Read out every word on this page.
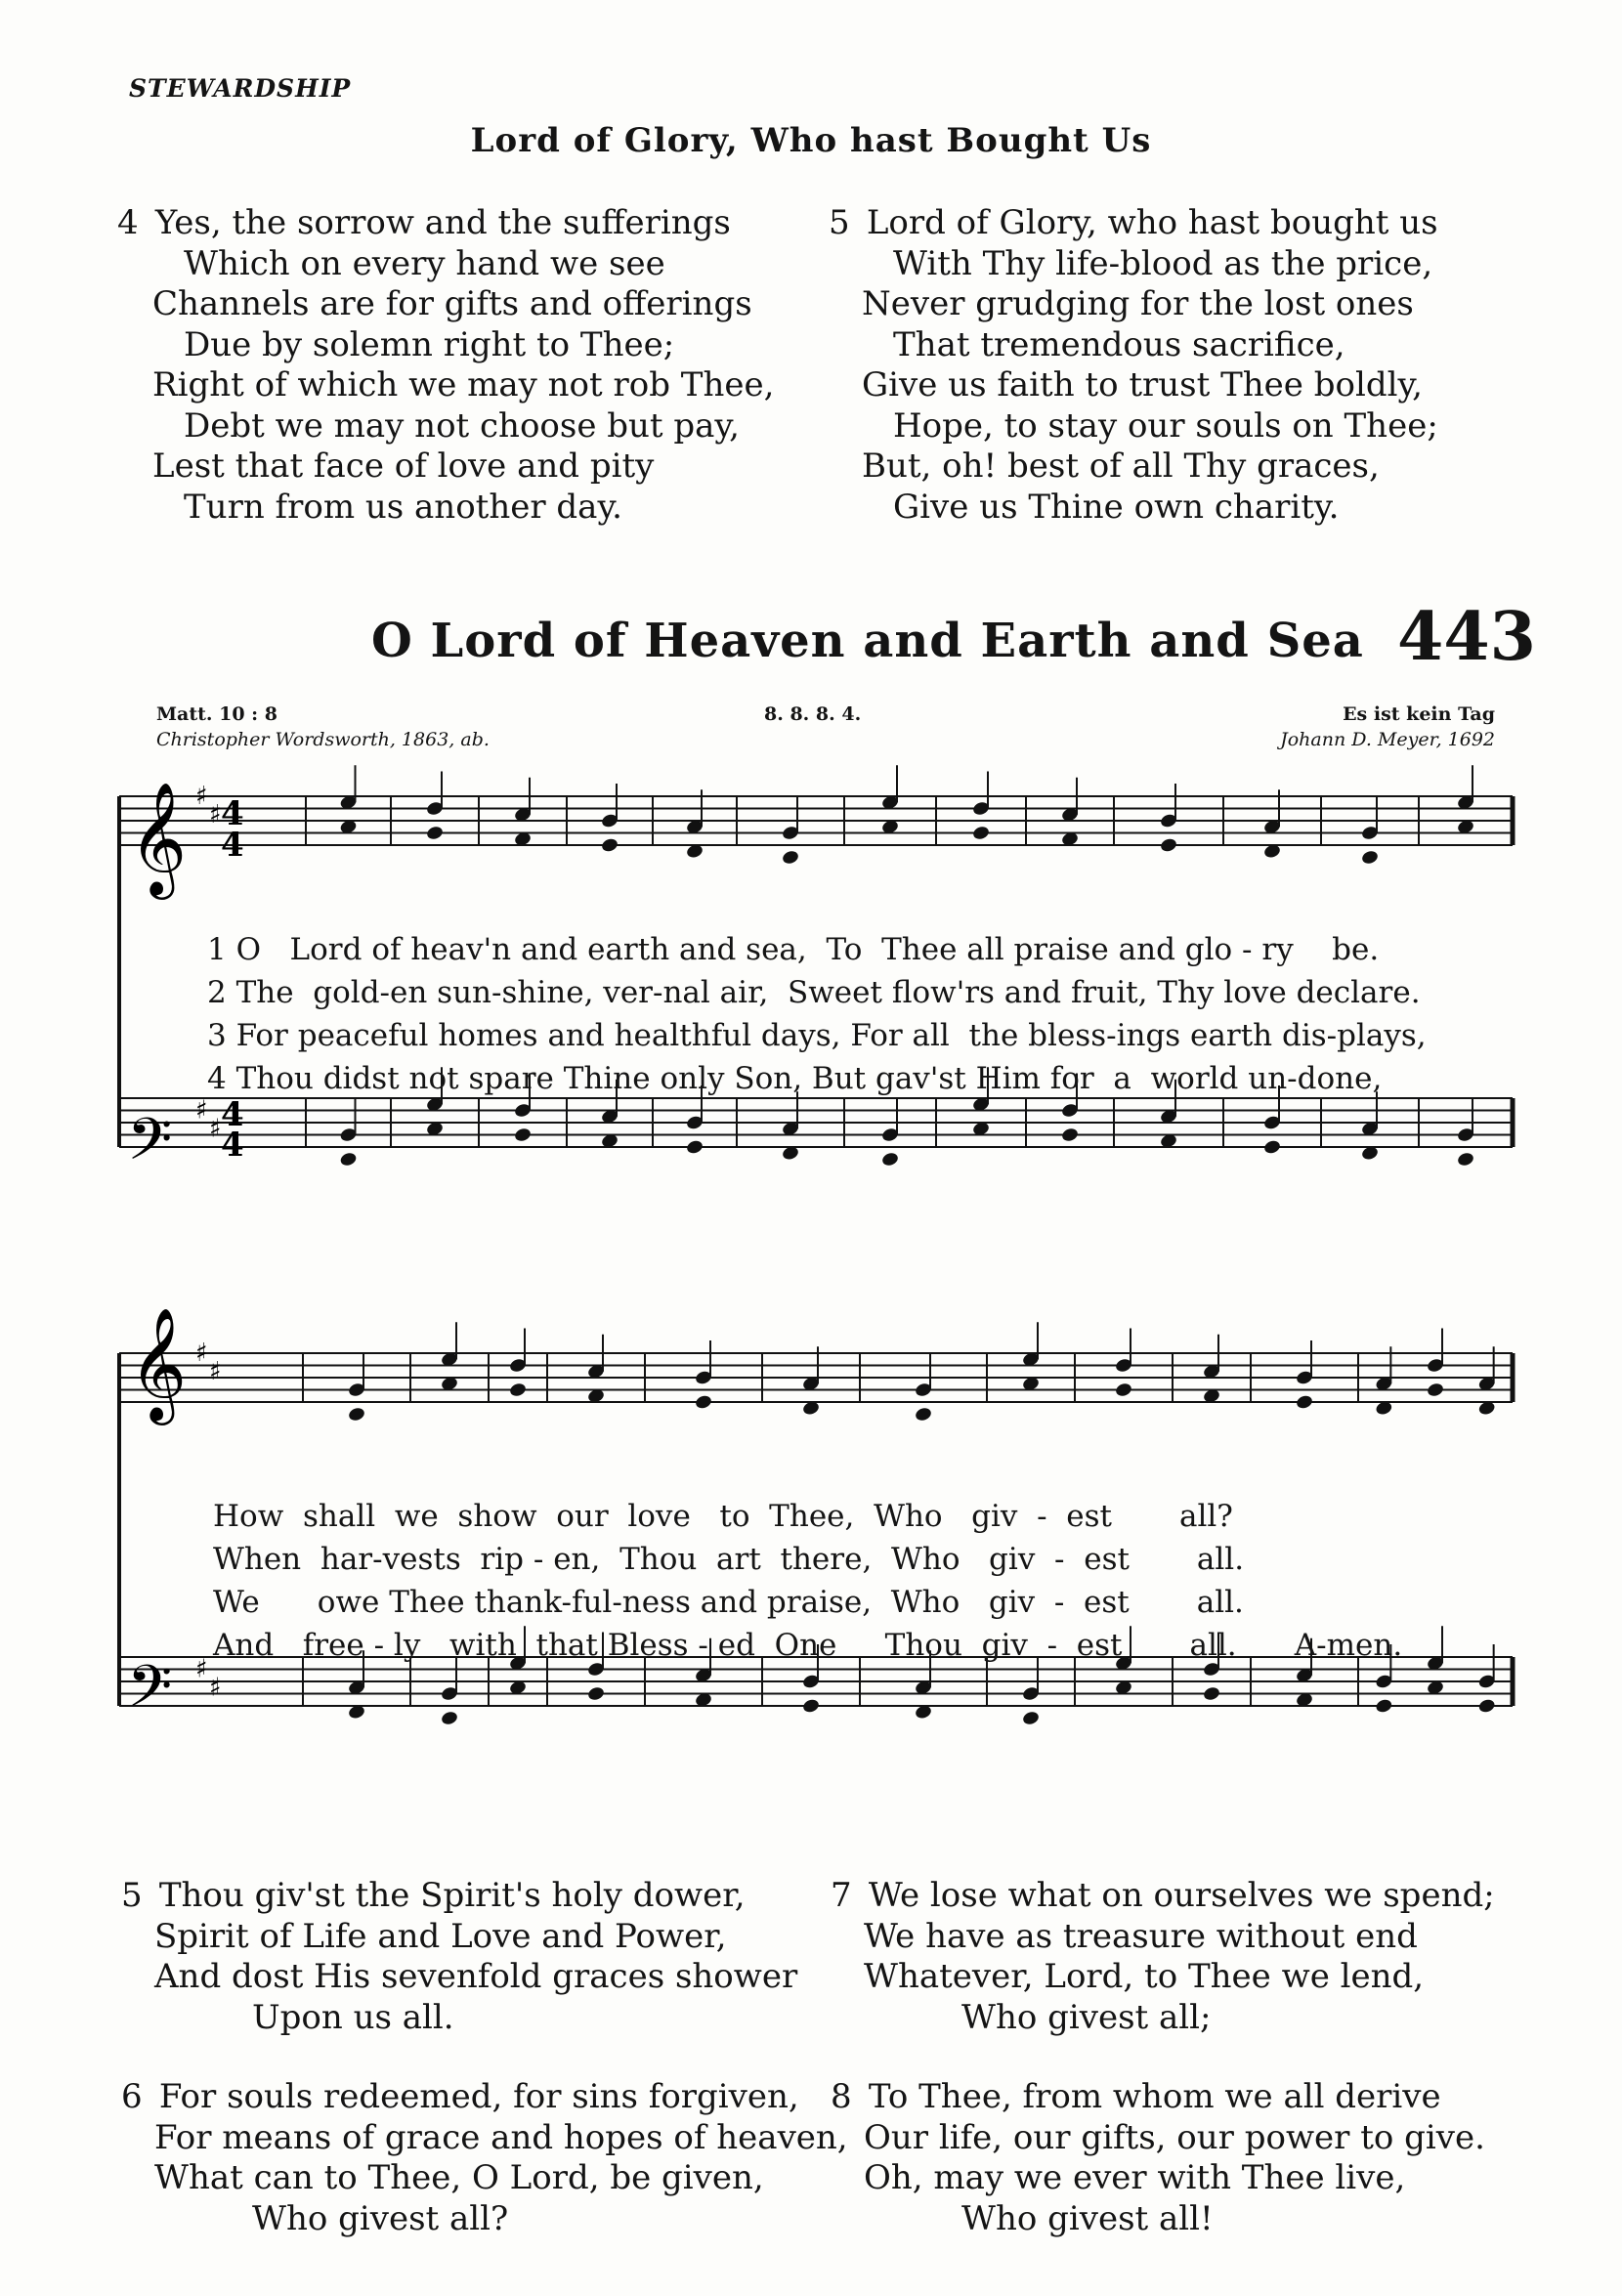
STEWARDSHIP
Lord of Glory, Who hast Bought Us
4 Yes, the sorrow and the sufferings
Which on every hand we see
Channels are for gifts and offerings
Due by solemn right to Thee;
Right of which we may not rob Thee,
Debt we may not choose but pay,
Lest that face of love and pity
Turn from us another day.
5 Lord of Glory, who hast bought us
With Thy life-blood as the price,
Never grudging for the lost ones
That tremendous sacrifice,
Give us faith to trust Thee boldly,
Hope, to stay our souls on Thee;
But, oh! best of all Thy graces,
Give us Thine own charity.
O Lord of Heaven and Earth and Sea 443
Matt. 10 : 8
Christopher Wordsworth, 1863, ab.
8. 8. 8. 4.	Es ist kein Tag
Johann D. Meyer, 1692
♯
♯
♯
♯
♯
♯
♯
♯
𝄞
𝄞
𝄢
𝄢
4
4
4
4
1 O   Lord of heav'n and earth and sea,  To  Thee all praise and glo - ry    be.
2 The  gold-en sun-shine, ver-nal air,  Sweet flow'rs and fruit, Thy love declare.
3 For peaceful homes and healthful days, For all  the bless-ings earth dis-plays,
4 Thou didst not spare Thine only Son, But gav'st Him for  a  world un-done,
How  shall  we  show  our  love   to  Thee,  Who   giv  -  est       all?
When  har-vests  rip - en,  Thou  art  there,  Who   giv  -  est       all.
We      owe Thee thank-ful-ness and praise,  Who   giv  -  est       all.
And   free - ly   with  that Bless - ed  One     Thou  giv  -  est       all.      A-men.
5 Thou giv'st the Spirit's holy dower,
Spirit of Life and Love and Power,
And dost His sevenfold graces shower
Upon us all.
6 For souls redeemed, for sins forgiven,
For means of grace and hopes of heaven,
What can to Thee, O Lord, be given,
Who givest all?
7 We lose what on ourselves we spend;
We have as treasure without end
Whatever, Lord, to Thee we lend,
Who givest all;
8 To Thee, from whom we all derive
Our life, our gifts, our power to give.
Oh, may we ever with Thee live,
Who givest all!
